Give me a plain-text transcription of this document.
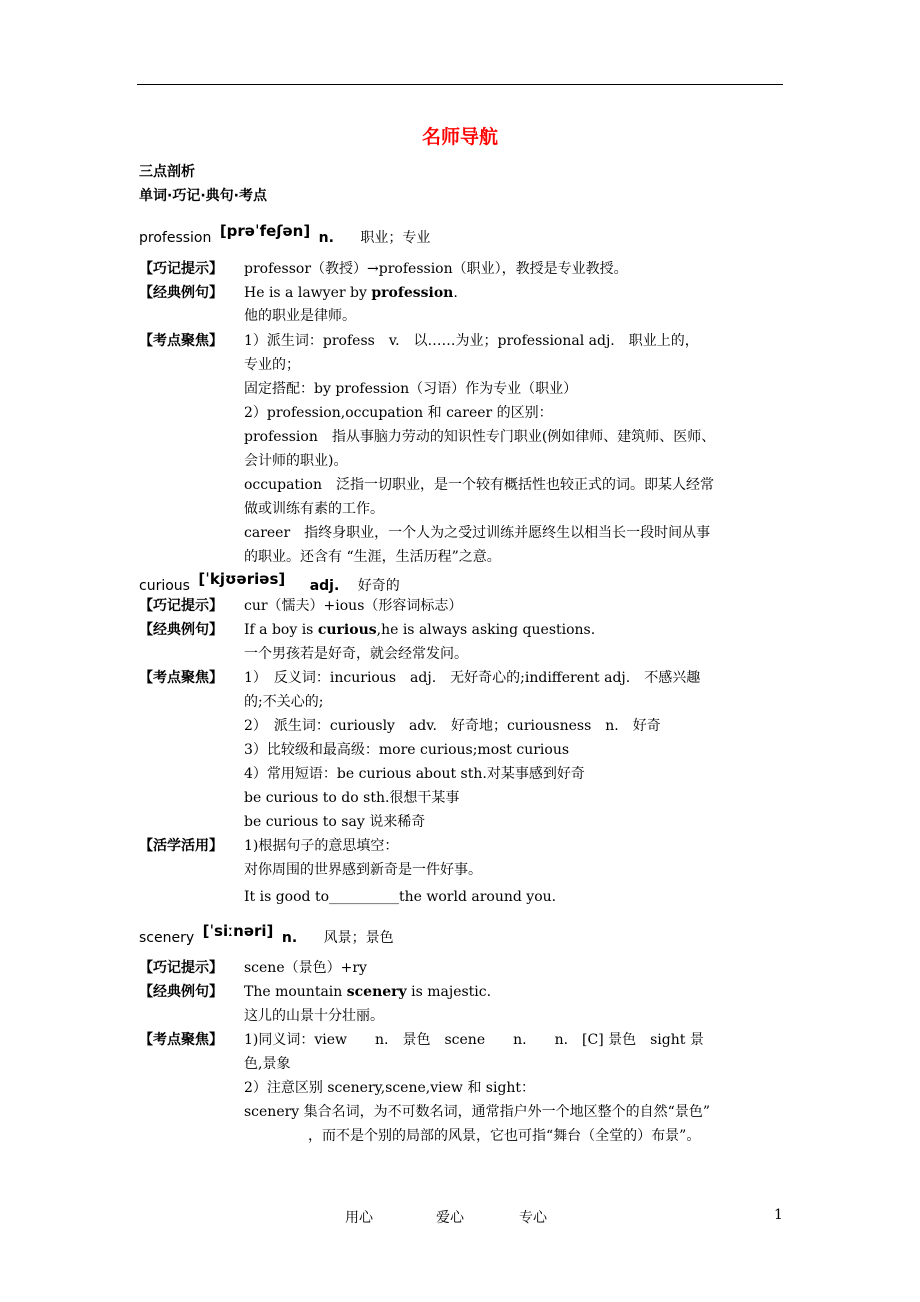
名师导航
三点剖析
单词·巧记·典句·考点
profession [prəˈfeʃən] n. 职业；专业
【巧记提示】 professor（教授）→profession（职业），教授是专业教授。
【经典例句】 He is a lawyer by profession.
他的职业是律师。
【考点聚焦】 1）派生词：profess　v.　以……为业；professional adj.　职业上的，
专业的；
固定搭配：by profession（习语）作为专业（职业）
2）profession,occupation 和 career 的区别：
profession　指从事脑力劳动的知识性专门职业(例如律师、建筑师、医师、
会计师的职业)。
occupation　泛指一切职业，是一个较有概括性也较正式的词。即某人经常
做或训练有素的工作。
career　指终身职业，一个人为之受过训练并愿终生以相当长一段时间从事
的职业。还含有 “生涯，生活历程”之意。
curious [ˈkjʊəriəs] adj. 好奇的
【巧记提示】 cur（懦夫）+ious（形容词标志）
【经典例句】 If a boy is curious,he is always asking questions.
一个男孩若是好奇，就会经常发问。
【考点聚焦】 1）　反义词：incurious　adj.　无好奇心的;indifferent adj.　不感兴趣
的;不关心的;
2）　派生词：curiously　adv.　好奇地；curiousness　n.　好奇
3）比较级和最高级：more curious;most curious
4）常用短语：be curious about sth.对某事感到好奇
be curious to do sth.很想干某事
be curious to say 说来稀奇
【活学活用】 1)根据句子的意思填空：
对你周围的世界感到新奇是一件好事。
It is good to__________the world around you.
scenery [ˈsiːnəri] n. 风景；景色
【巧记提示】 scene（景色）+ry
【经典例句】 The mountain scenery is majestic.
这儿的山景十分壮丽。
【考点聚焦】 1)同义词：view　　n.　景色　scene　　n.　　n.　[C] 景色　sight 景
色,景象
2）注意区别 scenery,scene,view 和 sight：
scenery 集合名词，为不可数名词，通常指户外一个地区整个的自然“景色”
，而不是个别的局部的风景，它也可指“舞台（全堂的）布景”。
用心	爱心	专心	1
